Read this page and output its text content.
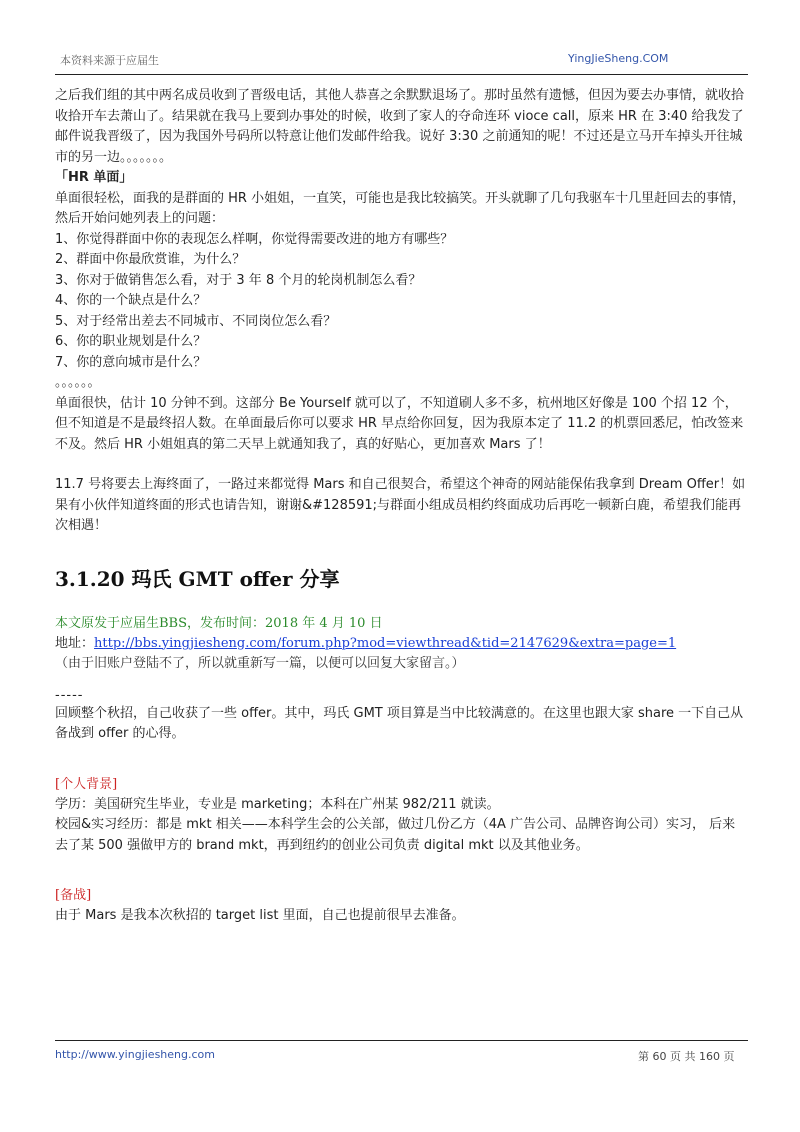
本资料来源于应届生	YingJieSheng.COM

之后我们组的其中两名成员收到了晋级电话，其他人恭喜之余默默退场了。那时虽然有遗憾，但因为要去办事情，就收拾收拾开车去萧山了。结果就在我马上要到办事处的时候，收到了家人的夺命连环 vioce call，原来 HR 在 3:40 给我发了邮件说我晋级了，因为我国外号码所以特意让他们发邮件给我。说好 3:30 之前通知的呢！不过还是立马开车掉头开往城市的另一边。。。。。。。

「HR 单面」

单面很轻松，面我的是群面的 HR 小姐姐，一直笑，可能也是我比较搞笑。开头就聊了几句我驱车十几里赶回去的事情，然后开始问她列表上的问题：

1、你觉得群面中你的表现怎么样啊，你觉得需要改进的地方有哪些？

2、群面中你最欣赏谁，为什么？

3、你对于做销售怎么看，对于 3 年 8 个月的轮岗机制怎么看？

4、你的一个缺点是什么？

5、对于经常出差去不同城市、不同岗位怎么看？

6、你的职业规划是什么？

7、你的意向城市是什么？

。。。。。。

单面很快，估计 10 分钟不到。这部分 Be Yourself 就可以了，不知道刷人多不多，杭州地区好像是 100 个招 12 个，但不知道是不是最终招人数。在单面最后你可以要求 HR 早点给你回复，因为我原本定了 11.2 的机票回悉尼，怕改签来不及。然后 HR 小姐姐真的第二天早上就通知我了，真的好贴心，更加喜欢 Mars 了！

11.7 号将要去上海终面了，一路过来都觉得 Mars 和自己很契合，希望这个神奇的网站能保佑我拿到 Dream Offer！如果有小伙伴知道终面的形式也请告知，谢谢&#128591;与群面小组成员相约终面成功后再吃一顿新白鹿，希望我们能再次相遇！

3.1.20 玛氏 GMT offer 分享

本文原发于应届生BBS，发布时间：2018 年 4 月 10 日

地址：http://bbs.yingjiesheng.com/forum.php?mod=viewthread&tid=2147629&extra=page=1

（由于旧账户登陆不了，所以就重新写一篇，以便可以回复大家留言。）

-----

回顾整个秋招，自己收获了一些 offer。其中，玛氏 GMT 项目算是当中比较满意的。在这里也跟大家 share 一下自己从备战到 offer 的心得。

[个人背景]

学历：美国研究生毕业，专业是 marketing；本科在广州某 982/211 就读。

校园&实习经历：都是 mkt 相关——本科学生会的公关部，做过几份乙方（4A 广告公司、品牌咨询公司）实习， 后来去了某 500 强做甲方的 brand mkt，再到纽约的创业公司负责 digital mkt 以及其他业务。

[备战]

由于 Mars 是我本次秋招的 target list 里面，自己也提前很早去准备。

http://www.yingjiesheng.com	第 60 页 共 160 页
